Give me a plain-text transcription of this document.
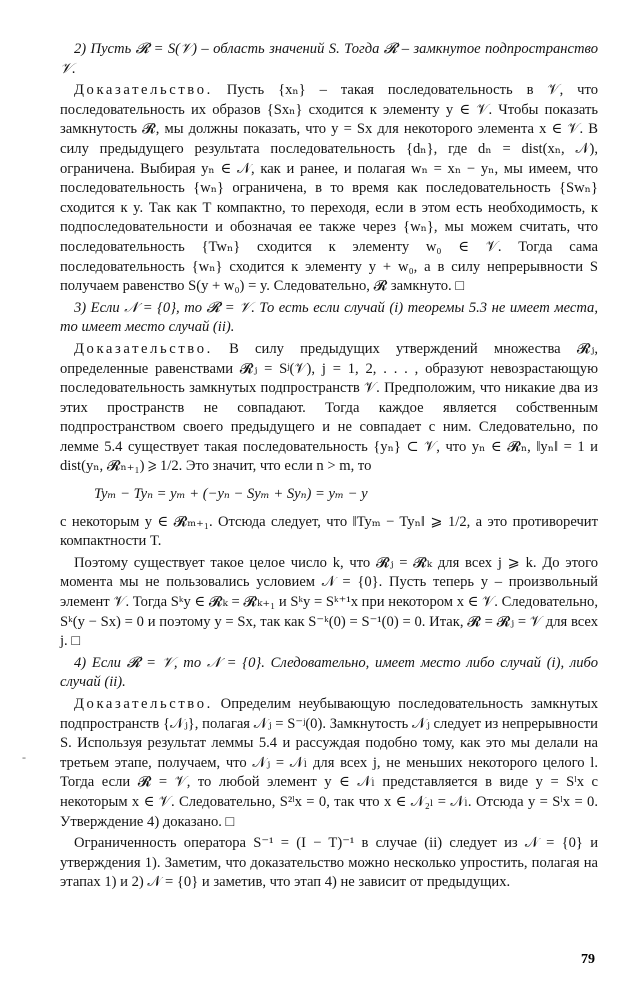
2) Пусть 𝓡 = S(𝒱) – область значений S. Тогда 𝓡 – замкнутое подпространство 𝒱.

Доказательство. Пусть {xₙ} – такая последовательность в 𝒱, что последовательность их образов {Sxₙ} сходится к элементу y ∈ 𝒱. Чтобы показать замкнутость 𝓡, мы должны показать, что y = Sx для некоторого элемента x ∈ 𝒱. В силу предыдущего результата последовательность {dₙ}, где dₙ = dist(xₙ, 𝒩), ограничена. Выбирая yₙ ∈ 𝒩, как и ранее, и полагая wₙ = xₙ − yₙ, мы имеем, что последовательность {wₙ} ограничена, в то время как последовательность {Swₙ} сходится к y. Так как T компактно, то переходя, если в этом есть необходимость, к подпоследовательности и обозначая ее также через {wₙ}, мы можем считать, что последовательность {Twₙ} сходится к элементу w₀ ∈ 𝒱. Тогда сама последовательность {wₙ} сходится к элементу y + w₀, а в силу непрерывности S получаем равенство S(y + w₀) = y. Следовательно, 𝓡 замкнуто. □

3) Если 𝒩 = {0}, то 𝓡 = 𝒱. То есть если случай (i) теоремы 5.3 не имеет места, то имеет место случай (ii).

Доказательство. В силу предыдущих утверждений множества 𝓡ⱼ, определенные равенствами 𝓡ⱼ = Sʲ(𝒱), j = 1, 2, . . . , образуют невозрастающую последовательность замкнутых подпространств 𝒱. Предположим, что никакие два из этих пространств не совпадают. Тогда каждое является собственным подпространством своего предыдущего и не совпадает с ним. Следовательно, по лемме 5.4 существует такая последовательность {yₙ} ⊂ 𝒱, что yₙ ∈ 𝓡ₙ, ‖yₙ‖ = 1 и dist(yₙ, 𝓡ₙ₊₁) ⩾ 1/2. Это значит, что если n > m, то

Tyₘ − Tyₙ = yₘ + (−yₙ − Syₘ + Syₙ) = yₘ − y

с некоторым y ∈ 𝓡ₘ₊₁. Отсюда следует, что ‖Tyₘ − Tyₙ‖ ⩾ 1/2, а это противоречит компактности T.

Поэтому существует такое целое число k, что 𝓡ⱼ = 𝓡ₖ для всех j ⩾ k. До этого момента мы не пользовались условием 𝒩 = {0}. Пусть теперь y – произвольный элемент 𝒱. Тогда Sᵏy ∈ 𝓡ₖ = 𝓡ₖ₊₁ и Sᵏy = Sᵏ⁺¹x при некотором x ∈ 𝒱. Следовательно, Sᵏ(y − Sx) = 0 и поэтому y = Sx, так как S⁻ᵏ(0) = S⁻¹(0) = 0. Итак, 𝓡 = 𝓡ⱼ = 𝒱 для всех j. □

4) Если 𝓡 = 𝒱, то 𝒩 = {0}. Следовательно, имеет место либо случай (i), либо случай (ii).

Доказательство. Определим неубывающую последовательность замкнутых подпространств {𝒩ⱼ}, полагая 𝒩ⱼ = S⁻ʲ(0). Замкнутость 𝒩ⱼ следует из непрерывности S. Используя результат леммы 5.4 и рассуждая подобно тому, как это мы делали на третьем этапе, получаем, что 𝒩ⱼ = 𝒩ₗ для всех j, не меньших некоторого целого l. Тогда если 𝓡 = 𝒱, то любой элемент y ∈ 𝒩ₗ представляется в виде y = Sˡx с некоторым x ∈ 𝒱. Следовательно, S²ˡx = 0, так что x ∈ 𝒩₂ₗ = 𝒩ₗ. Отсюда y = Sˡx = 0. Утверждение 4) доказано. □

Ограниченность оператора S⁻¹ = (I − T)⁻¹ в случае (ii) следует из 𝒩 = {0} и утверждения 1). Заметим, что доказательство можно несколько упростить, полагая на этапах 1) и 2) 𝒩 = {0} и заметив, что этап 4) не зависит от предыдущих.

-
79
